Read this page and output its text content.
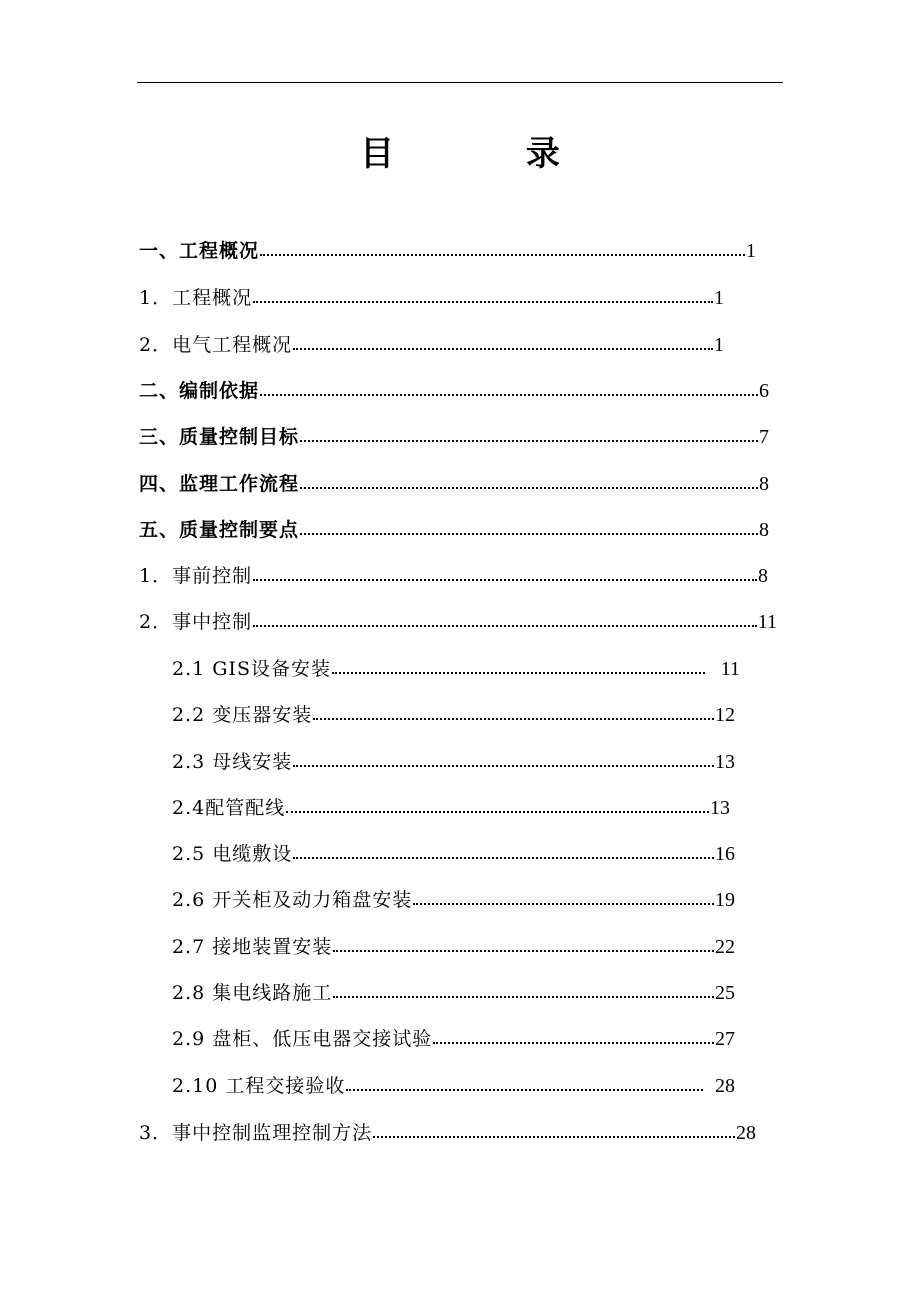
目 录
一、工程概况	1
1．工程概况	1
2．电气工程概况	1
二、编制依据	6
三、质量控制目标	7
四、监理工作流程	8
五、质量控制要点	8
1．事前控制	8
2．事中控制	11
2.1 GIS设备安装	11
2.2 变压器安装	12
2.3 母线安装	13
2.4配管配线	13
2.5 电缆敷设	16
2.6 开关柜及动力箱盘安装	19
2.7 接地装置安装	22
2.8 集电线路施工	25
2.9 盘柜、低压电器交接试验	27
2.10 工程交接验收	28
3．事中控制监理控制方法	28
